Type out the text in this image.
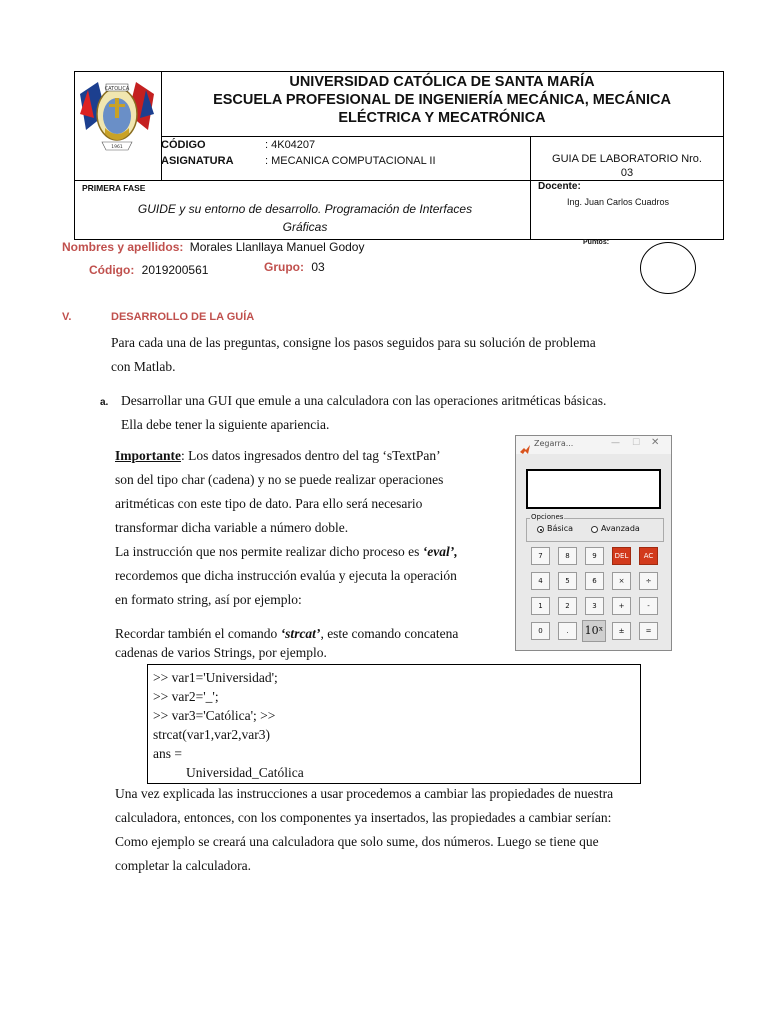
CATOLICA
1961
UNIVERSIDAD CATÓLICA DE SANTA MARÍA
ESCUELA PROFESIONAL DE INGENIERÍA MECÁNICA, MECÁNICA
ELÉCTRICA Y MECATRÓNICA
CÓDIGO	: 4K04207
ASIGNATURA	: MECANICA COMPUTACIONAL II	GUIA DE LABORATORIO Nro.
03
PRIMERA FASE
GUIDE y su entorno de desarrollo. Programación de Interfaces
Gráficas
Docente:
Ing. Juan Carlos Cuadros
Nombres y apellidos: Morales Llanllaya Manuel Godoy
Código: 2019200561	Grupo: 03
Puntos:
V.	DESARROLLO DE LA GUÍA

Para cada una de las preguntas, consigne los pasos seguidos para su solución de problema

con Matlab.

a. Desarrollar una GUI que emule a una calculadora con las operaciones aritméticas básicas.

Ella debe tener la siguiente apariencia.

Importante: Los datos ingresados dentro del tag ‘sTextPan’

son del tipo char (cadena) y no se puede realizar operaciones

aritméticas con este tipo de dato. Para ello será necesario

transformar dicha variable a número doble.

La instrucción que nos permite realizar dicho proceso es ‘eval’,

recordemos que dicha instrucción evalúa y ejecuta la operación

en formato string, así por ejemplo:

Recordar también el comando ‘strcat’, este comando concatena

cadenas de varios Strings, por ejemplo.

>> var1='Universidad';
>> var2='_';
>> var3='Católica'; >>
strcat(var1,var2,var3)
ans =
Universidad_Católica

Una vez explicada las instrucciones a usar procedemos a cambiar las propiedades de nuestra

calculadora, entonces, con los componentes ya insertados, las propiedades a cambiar serían:

Como ejemplo se creará una calculadora que solo sume, dos números. Luego se tiene que

completar la calculadora.

Zegarra...	— ☐ ✕
Opciones
Básica	Avanzada
7	8	9	DEL	AC
4	5	6	×	÷
1	2	3	+	-
0	.	10ˣ	±	=
